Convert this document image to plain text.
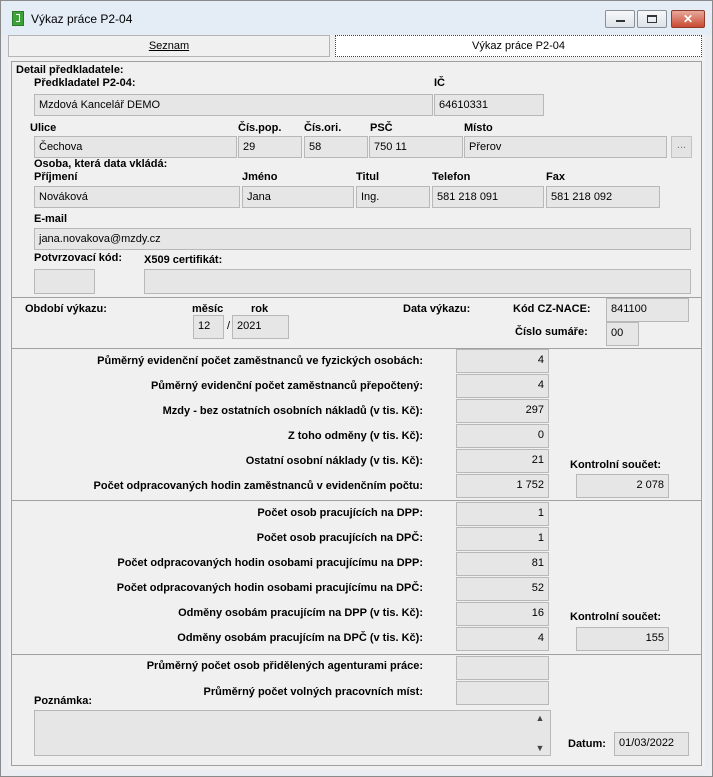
Výkaz práce P2-04	✕
Seznam	Výkaz práce P2-04
Detail předkladatele:
Předkladatel P2-04:	IČ
Mzdová Kancelář DEMO	64610331
Ulice	Čís.pop. Čís.ori.	PSČ	Místo
Čechova	29	58	750 11	Přerov	...
Osoba, která data vkládá:
Příjmení	Jméno	Titul	Telefon	Fax
Nováková	Jana	Ing.	581 218 091	581 218 092
E-mail
jana.novakova@mzdy.cz
Potvrzovací kód: X509 certifikát:
Období výkazu:	měsíc	rok	Data výkazu:	Kód CZ-NACE:	841100
12	/ 2021	Číslo sumáře:	00
Půměrný evidenční počet zaměstnanců ve fyzických osobách:	4
Půměrný evidenční počet zaměstnanců přepočtený:	4
Mzdy - bez ostatních osobních nákladů (v tis. Kč):	297
Z toho odměny (v tis. Kč):	0
Ostatní osobní náklady (v tis. Kč):	21
Počet odpracovaných hodin zaměstnanců v evidenčním počtu:	1 752
Kontrolní součet:
2 078
Počet osob pracujících na DPP:	1
Počet osob pracujících na DPČ:	1
Počet odpracovaných hodin osobami pracujícímu na DPP:	81
Počet odpracovaných hodin osobami pracujícímu na DPČ:	52
Odměny osobám pracujícím na DPP (v tis. Kč):	16
Odměny osobám pracujícím na DPČ (v tis. Kč):	4
Kontrolní součet:
155
Průměrný počet osob přidělených agenturami práce:
Průměrný počet volných pracovních míst:
Poznámka:
▲
▼	Datum:	01/03/2022
